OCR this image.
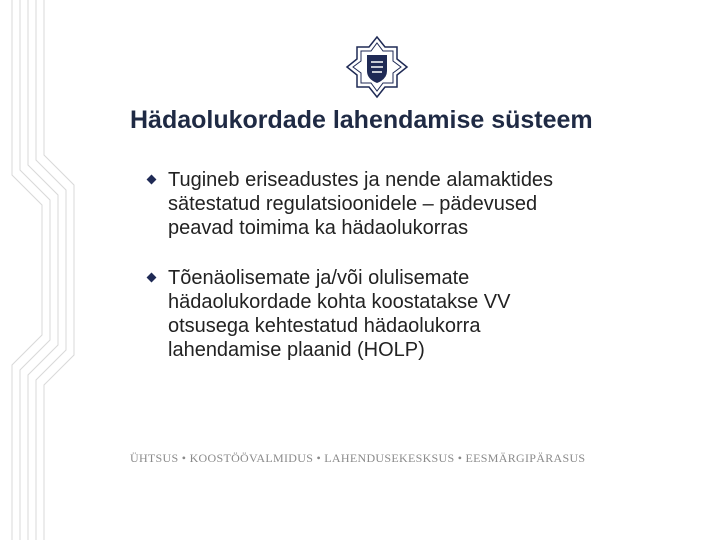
Hädaolukordade lahendamise süsteem
Tugineb eriseadustes ja nende alamaktides
sätestatud regulatsioonidele – pädevused
peavad toimima ka hädaolukorras
Tõenäolisemate ja/või olulisemate
hädaolukordade kohta koostatakse VV
otsusega kehtestatud hädaolukorra
lahendamise plaanid (HOLP)
ÜHTSUS • KOOSTÖÖVALMIDUS • LAHENDUSEKESKSUS • EESMÄRGIPÄRASUS
